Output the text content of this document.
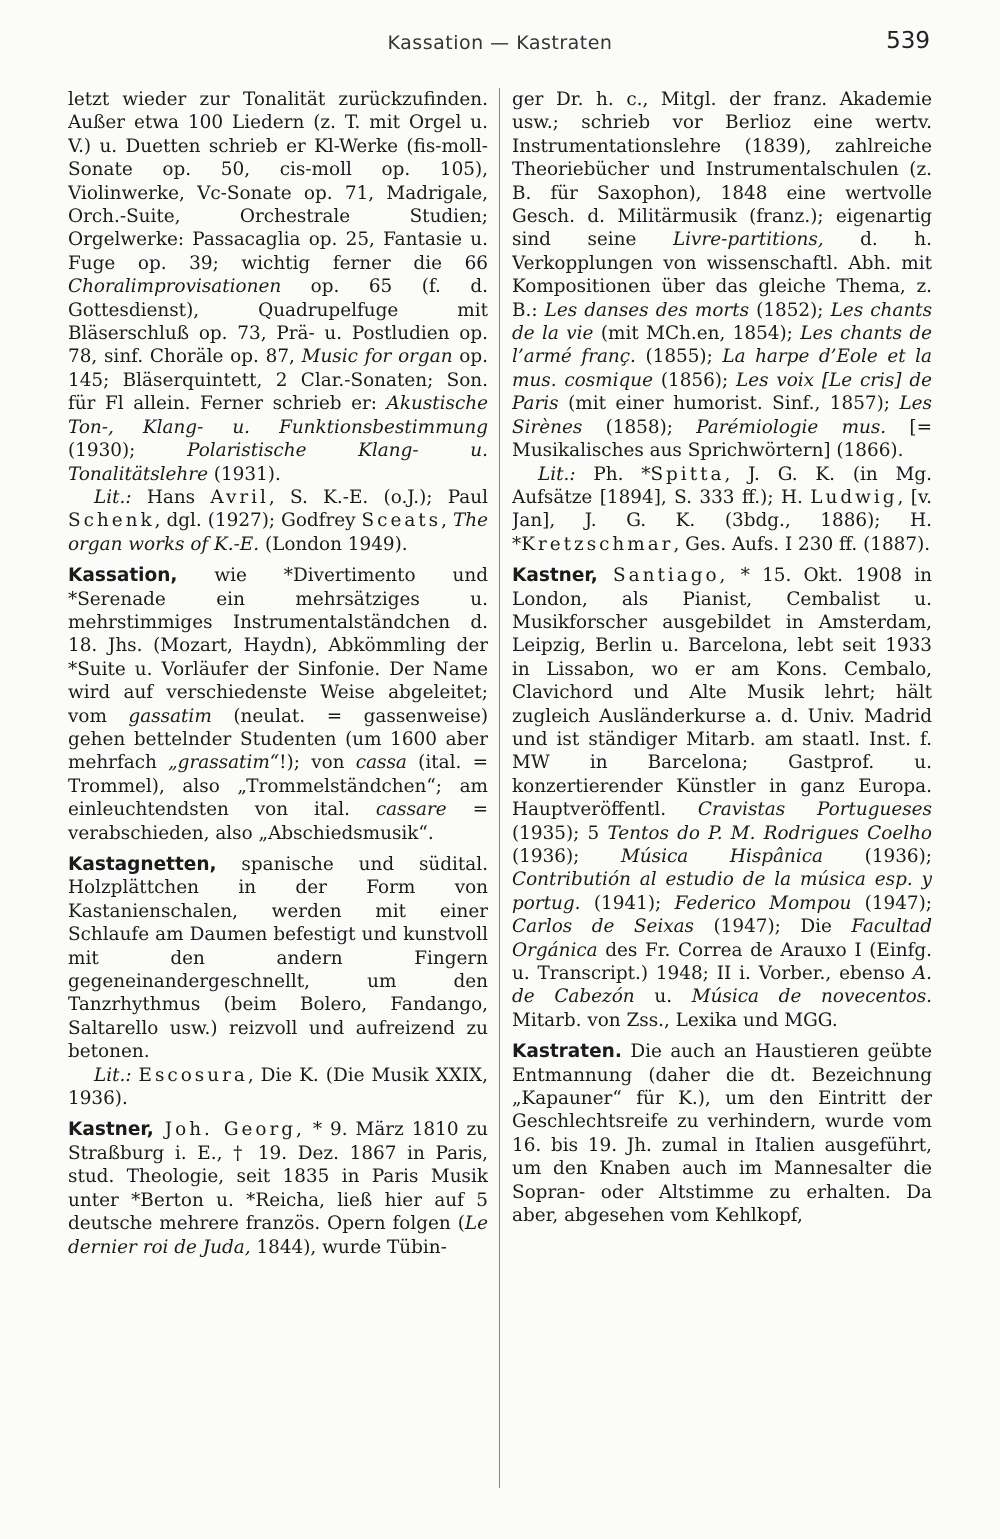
Kassation — Kastraten	539

letzt wieder zur Tonalität zurückzufinden. Außer etwa 100 Liedern (z. T. mit Orgel u. V.) u. Duetten schrieb er Kl-Werke (fis-moll-Sonate op. 50, cis-moll op. 105), Violinwerke, Vc-Sonate op. 71, Madrigale, Orch.-Suite, Orchestrale Studien; Orgelwerke: Passacaglia op. 25, Fantasie u. Fuge op. 39; wichtig ferner die 66 Choralimprovisationen op. 65 (f. d. Gottesdienst), Quadrupelfuge mit Bläserschluß op. 73, Prä- u. Postludien op. 78, sinf. Choräle op. 87, Music for organ op. 145; Bläserquintett, 2 Clar.-Sonaten; Son. für Fl allein. Ferner schrieb er: Akustische Ton-, Klang- u. Funktionsbestimmung (1930); Polaristische Klang- u. Tonalitätslehre (1931).

Lit.: Hans Avril, S. K.-E. (o.J.); Paul Schenk, dgl. (1927); Godfrey Sceats, The organ works of K.-E. (London 1949).

Kassation, wie *Divertimento und *Serenade ein mehrsätziges u. mehrstimmiges Instrumentalständchen d. 18. Jhs. (Mozart, Haydn), Abkömmling der *Suite u. Vorläufer der Sinfonie. Der Name wird auf verschiedenste Weise abgeleitet; vom gassatim (neulat. = gassenweise) gehen bettelnder Studenten (um 1600 aber mehrfach „grassatim“!); von cassa (ital. = Trommel), also „Trommelständchen“; am einleuchtendsten von ital. cassare = verabschieden, also „Abschiedsmusik“.

Kastagnetten, spanische und südital. Holzplättchen in der Form von Kastanienschalen, werden mit einer Schlaufe am Daumen befestigt und kunstvoll mit den andern Fingern gegeneinandergeschnellt, um den Tanzrhythmus (beim Bolero, Fandango, Saltarello usw.) reizvoll und aufreizend zu betonen.

Lit.: Escosura, Die K. (Die Musik XXIX, 1936).

Kastner, Joh. Georg, * 9. März 1810 zu Straßburg i. E., † 19. Dez. 1867 in Paris, stud. Theologie, seit 1835 in Paris Musik unter *Berton u. *Reicha, ließ hier auf 5 deutsche mehrere französ. Opern folgen (Le dernier roi de Juda, 1844), wurde Tübin-

ger Dr. h. c., Mitgl. der franz. Akademie usw.; schrieb vor Berlioz eine wertv. Instrumentationslehre (1839), zahlreiche Theoriebücher und Instrumentalschulen (z. B. für Saxophon), 1848 eine wertvolle Gesch. d. Militärmusik (franz.); eigenartig sind seine Livre-partitions, d. h. Verkopplungen von wissenschaftl. Abh. mit Kompositionen über das gleiche Thema, z. B.: Les danses des morts (1852); Les chants de la vie (mit MCh.en, 1854); Les chants de l’armé franç. (1855); La harpe d’Eole et la mus. cosmique (1856); Les voix [Le cris] de Paris (mit einer humorist. Sinf., 1857); Les Sirènes (1858); Parémiologie mus. [= Musikalisches aus Sprichwörtern] (1866).

Lit.: Ph. *Spitta, J. G. K. (in Mg. Aufsätze [1894], S. 333 ff.); H. Ludwig, [v. Jan], J. G. K. (3bdg., 1886); H. *Kretzschmar, Ges. Aufs. I 230 ff. (1887).

Kastner, Santiago, * 15. Okt. 1908 in London, als Pianist, Cembalist u. Musikforscher ausgebildet in Amsterdam, Leipzig, Berlin u. Barcelona, lebt seit 1933 in Lissabon, wo er am Kons. Cembalo, Clavichord und Alte Musik lehrt; hält zugleich Ausländerkurse a. d. Univ. Madrid und ist ständiger Mitarb. am staatl. Inst. f. MW in Barcelona; Gastprof. u. konzertierender Künstler in ganz Europa. Hauptveröffentl. Cravistas Portugueses (1935); 5 Tentos do P. M. Rodrigues Coelho (1936); Música Hispânica (1936); Contributión al estudio de la música esp. y portug. (1941); Federico Mompou (1947); Carlos de Seixas (1947); Die Facultad Orgánica des Fr. Correa de Arauxo I (Einfg. u. Transcript.) 1948; II i. Vorber., ebenso A. de Cabezón u. Música de novecentos. Mitarb. von Zss., Lexika und MGG.

Kastraten. Die auch an Haustieren geübte Entmannung (daher die dt. Bezeichnung „Kapauner“ für K.), um den Eintritt der Geschlechtsreife zu verhindern, wurde vom 16. bis 19. Jh. zumal in Italien ausgeführt, um den Knaben auch im Mannesalter die Sopran- oder Altstimme zu erhalten. Da aber, abgesehen vom Kehlkopf,
